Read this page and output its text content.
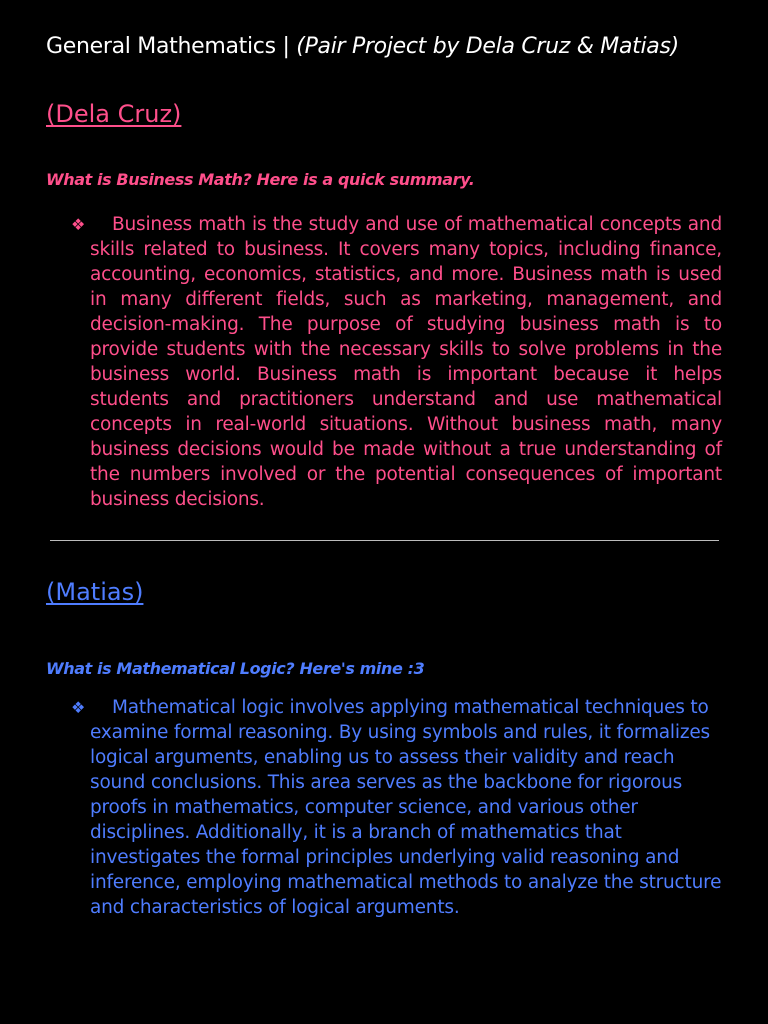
General Mathematics | (Pair Project by Dela Cruz & Matias)
(Dela Cruz)
What is Business Math? Here is a quick summary.
❖	Business math is the study and use of mathematical concepts and skills related to business. It covers many topics, including finance, accounting, economics, statistics, and more. Business math is used in many different fields, such as marketing, management, and decision-making. The purpose of studying business math is to provide students with the necessary skills to solve problems in the business world. Business math is important because it helps students and practitioners understand and use mathematical concepts in real-world situations. Without business math, many business decisions would be made without a true understanding of the numbers involved or the potential consequences of important business decisions.
(Matias)
What is Mathematical Logic? Here's mine :3
❖	Mathematical logic involves applying mathematical techniques to examine formal reasoning. By using symbols and rules, it formalizes logical arguments, enabling us to assess their validity and reach sound conclusions. This area serves as the backbone for rigorous proofs in mathematics, computer science, and various other disciplines. Additionally, it is a branch of mathematics that investigates the formal principles underlying valid reasoning and inference, employing mathematical methods to analyze the structure and characteristics of logical arguments.
